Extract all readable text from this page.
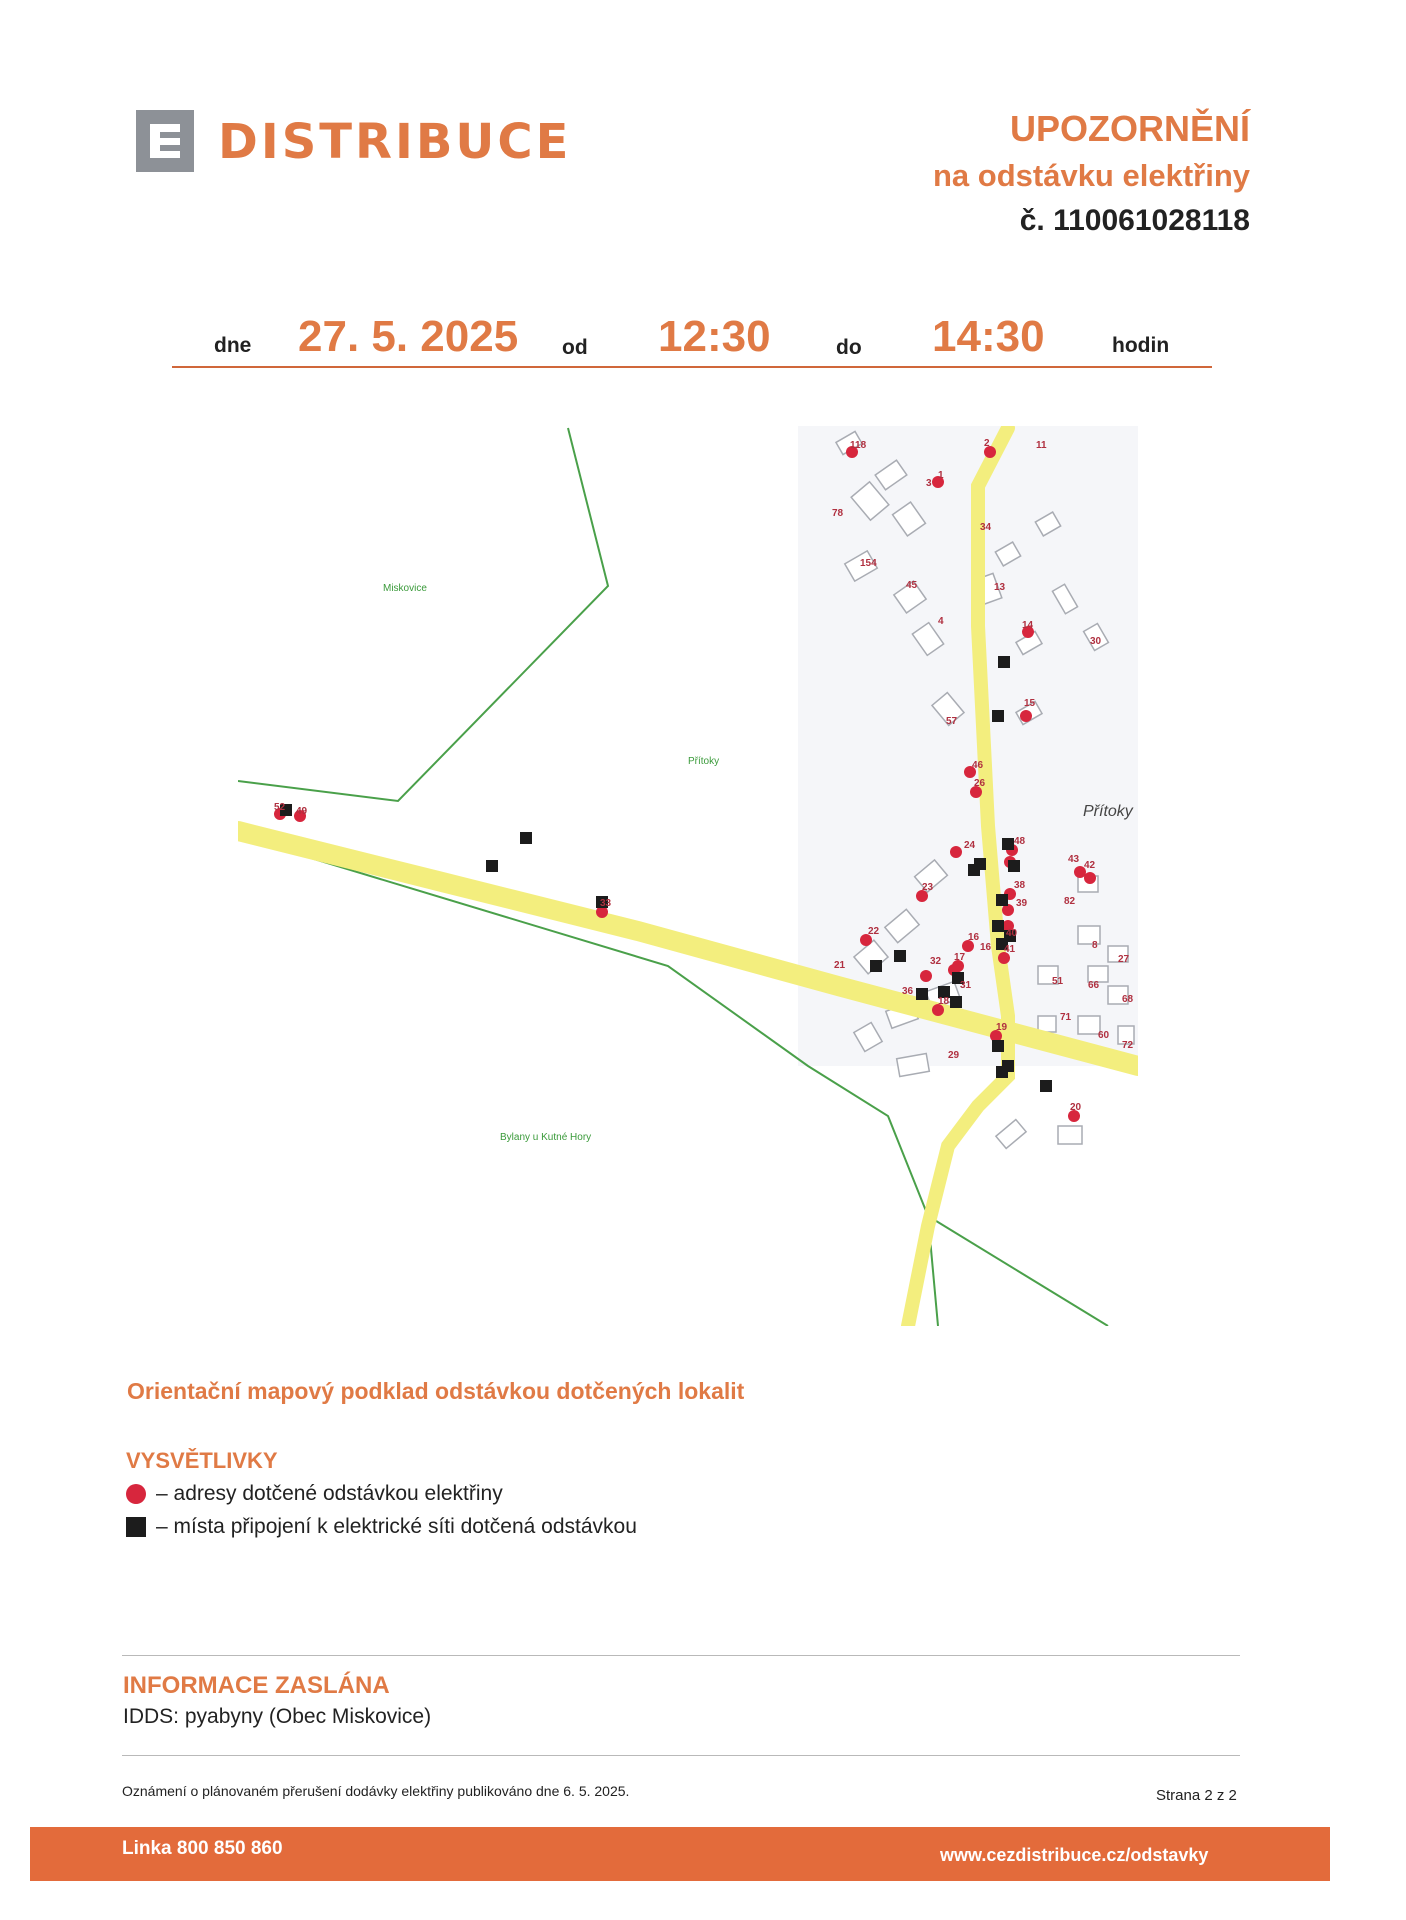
DISTRIBUCE	UPOZORNĚNÍ
na odstávku elektřiny
č. 110061028118
dne 27. 5. 2025 od 12:30	do 14:30	hodin
Miskovice
Přítoky
Přítoky
Bylany u Kutné Hory
118	2	11
3
1
78
34
154
45	13
4	14
30
15
57
46
26
52 49
48
24
43
42
23	38
39	82
33
22
16
16
40
41	8
27
21	32 17
51 66
36
31
18	68
71
19
60
72
29
20
Orientační mapový podklad odstávkou dotčených lokalit
VYSVĚTLIVKY
– adresy dotčené odstávkou elektřiny
– místa připojení k elektrické síti dotčená odstávkou
INFORMACE ZASLÁNA
IDDS: pyabyny (Obec Miskovice)
Oznámení o plánovaném přerušení dodávky elektřiny publikováno dne 6. 5. 2025.	Strana 2 z 2
Linka 800 850 860	www.cezdistribuce.cz/odstavky
